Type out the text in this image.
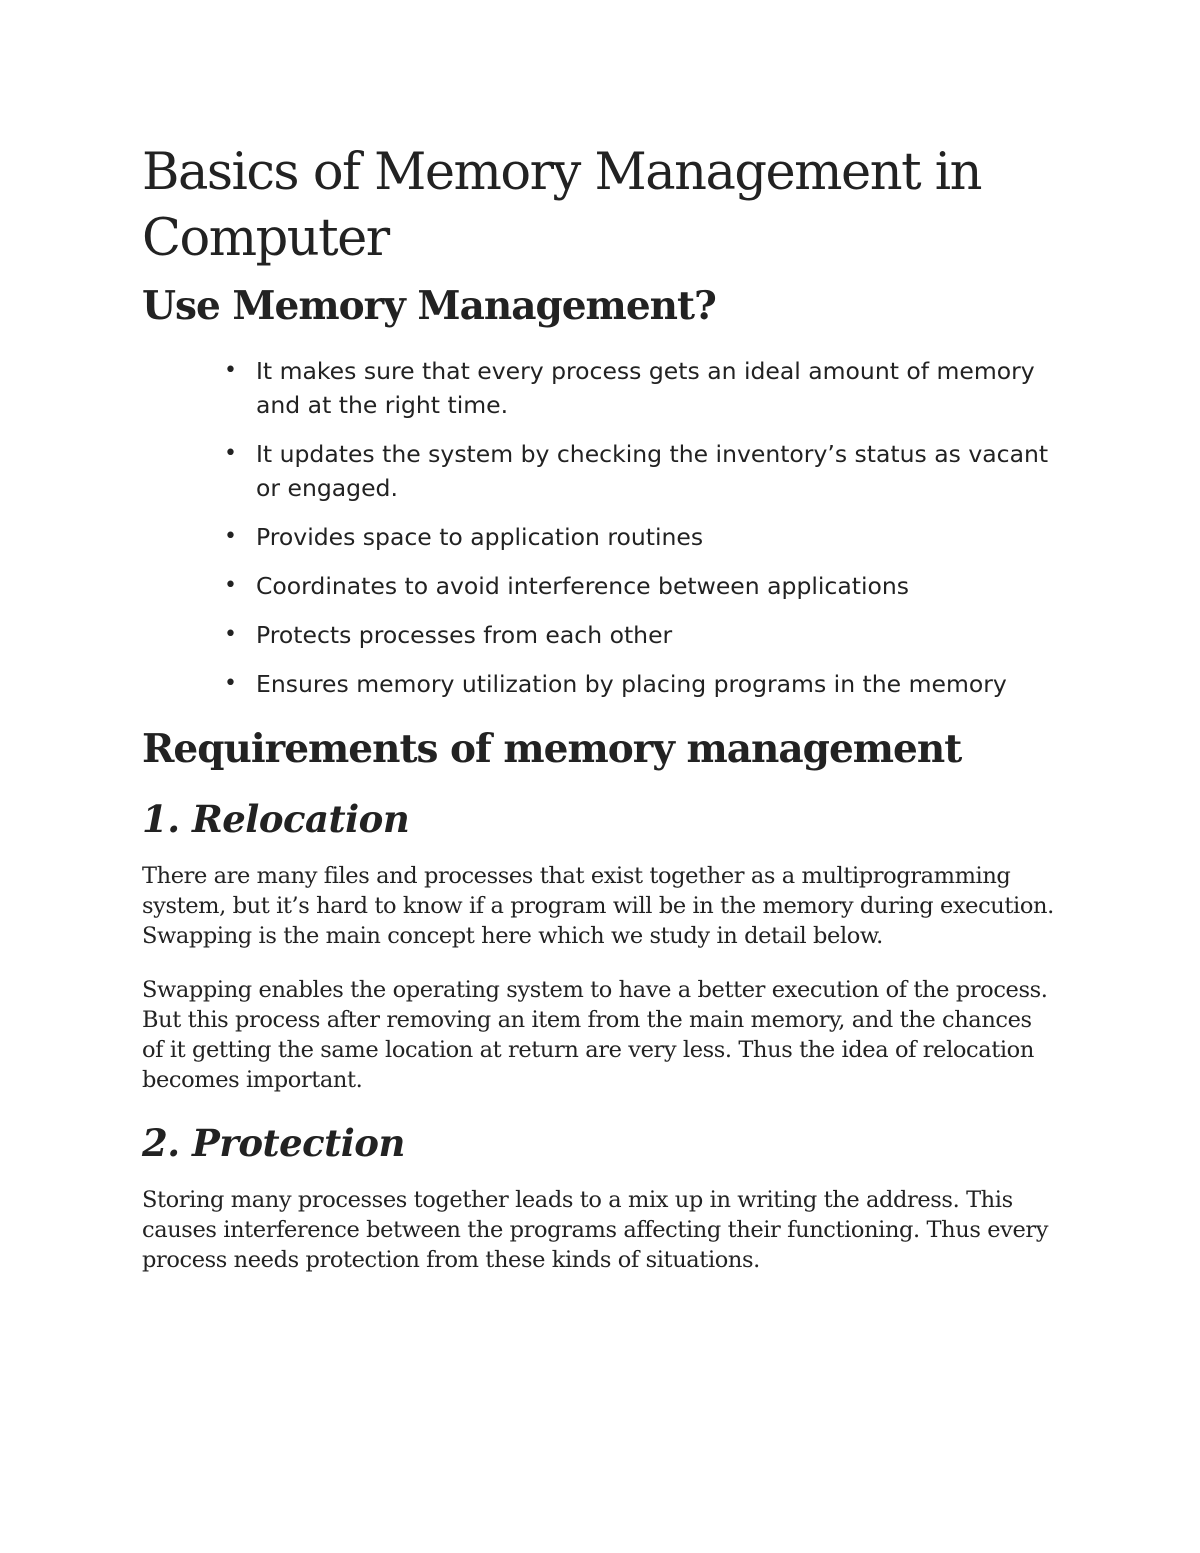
Basics of Memory Management in Computer
Use Memory Management?
• It makes sure that every process gets an ideal amount of memory and at the right time.
• It updates the system by checking the inventory’s status as vacant or engaged.
• Provides space to application routines
• Coordinates to avoid interference between applications
• Protects processes from each other
• Ensures memory utilization by placing programs in the memory
Requirements of memory management
1. Relocation

There are many files and processes that exist together as a multiprogramming system, but it’s hard to know if a program will be in the memory during execution. Swapping is the main concept here which we study in detail below.

Swapping enables the operating system to have a better execution of the process. But this process after removing an item from the main memory, and the chances of it getting the same location at return are very less. Thus the idea of relocation becomes important.

2. Protection

Storing many processes together leads to a mix up in writing the address. This causes interference between the programs affecting their functioning. Thus every process needs protection from these kinds of situations.
